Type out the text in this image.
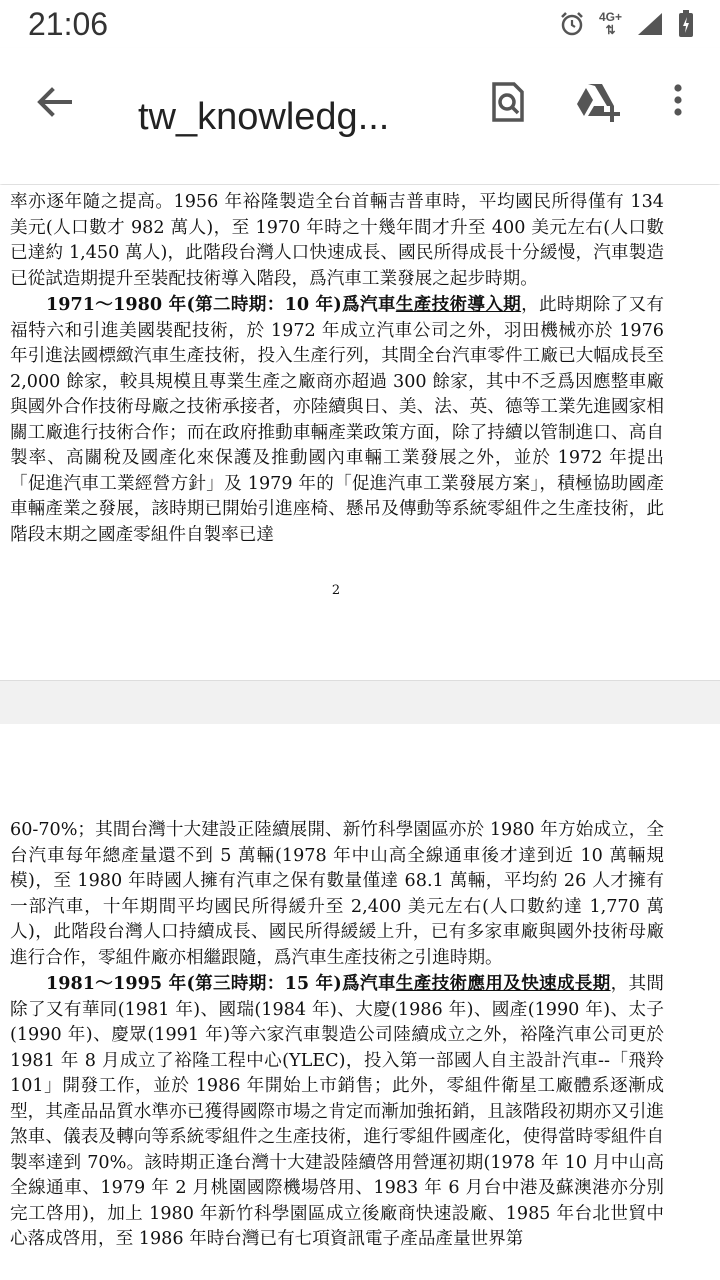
21:06	4G+
⇅
tw_knowledg...

率亦逐年隨之提高。1956 年裕隆製造全台首輛吉普車時，平均國民所得僅有 134 美元(人口數才 982 萬人)，至 1970 年時之十幾年間才升至 400 美元左右(人口數已達約 1,450 萬人)，此階段台灣人口快速成長、國民所得成長十分緩慢，汽車製造已從試造期提升至裝配技術導入階段，爲汽車工業發展之起步時期。

1971～1980 年(第二時期：10 年)爲汽車生產技術導入期，此時期除了又有福特六和引進美國裝配技術，於 1972 年成立汽車公司之外，羽田機械亦於 1976 年引進法國標緻汽車生產技術，投入生產行列，其間全台汽車零件工廠已大幅成長至 2,000 餘家，較具規模且專業生產之廠商亦超過 300 餘家，其中不乏爲因應整車廠與國外合作技術母廠之技術承接者，亦陸續與日、美、法、英、德等工業先進國家相關工廠進行技術合作；而在政府推動車輛產業政策方面，除了持續以管制進口、高自製率、高關稅及國產化來保護及推動國內車輛工業發展之外，並於 1972 年提出「促進汽車工業經營方針」及 1979 年的「促進汽車工業發展方案」，積極協助國產車輛產業之發展，該時期已開始引進座椅、懸吊及傳動等系統零組件之生產技術，此階段末期之國產零組件自製率已達

2

60-70%；其間台灣十大建設正陸續展開、新竹科學園區亦於 1980 年方始成立，全台汽車每年總產量還不到 5 萬輛(1978 年中山高全線通車後才達到近 10 萬輛規模)，至 1980 年時國人擁有汽車之保有數量僅達 68.1 萬輛，平均約 26 人才擁有一部汽車，十年期間平均國民所得緩升至 2,400 美元左右(人口數約達 1,770 萬人)，此階段台灣人口持續成長、國民所得緩緩上升，已有多家車廠與國外技術母廠進行合作，零組件廠亦相繼跟隨，爲汽車生產技術之引進時期。

1981～1995 年(第三時期：15 年)爲汽車生產技術應用及快速成長期，其間除了又有華同(1981 年)、國瑞(1984 年)、大慶(1986 年)、國產(1990 年)、太子(1990 年)、慶眾(1991 年)等六家汽車製造公司陸續成立之外，裕隆汽車公司更於 1981 年 8 月成立了裕隆工程中心(YLEC)，投入第一部國人自主設計汽車--「飛羚 101」開發工作，並於 1986 年開始上市銷售；此外，零組件衛星工廠體系逐漸成型，其產品品質水準亦已獲得國際市場之肯定而漸加強拓銷，且該階段初期亦又引進煞車、儀表及轉向等系統零組件之生產技術，進行零組件國產化，使得當時零組件自製率達到 70%。該時期正逢台灣十大建設陸續啓用營運初期(1978 年 10 月中山高全線通車、1979 年 2 月桃園國際機場啓用、1983 年 6 月台中港及蘇澳港亦分別完工啓用)，加上 1980 年新竹科學園區成立後廠商快速設廠、1985 年台北世貿中心落成啓用，至 1986 年時台灣已有七項資訊電子產品產量世界第
